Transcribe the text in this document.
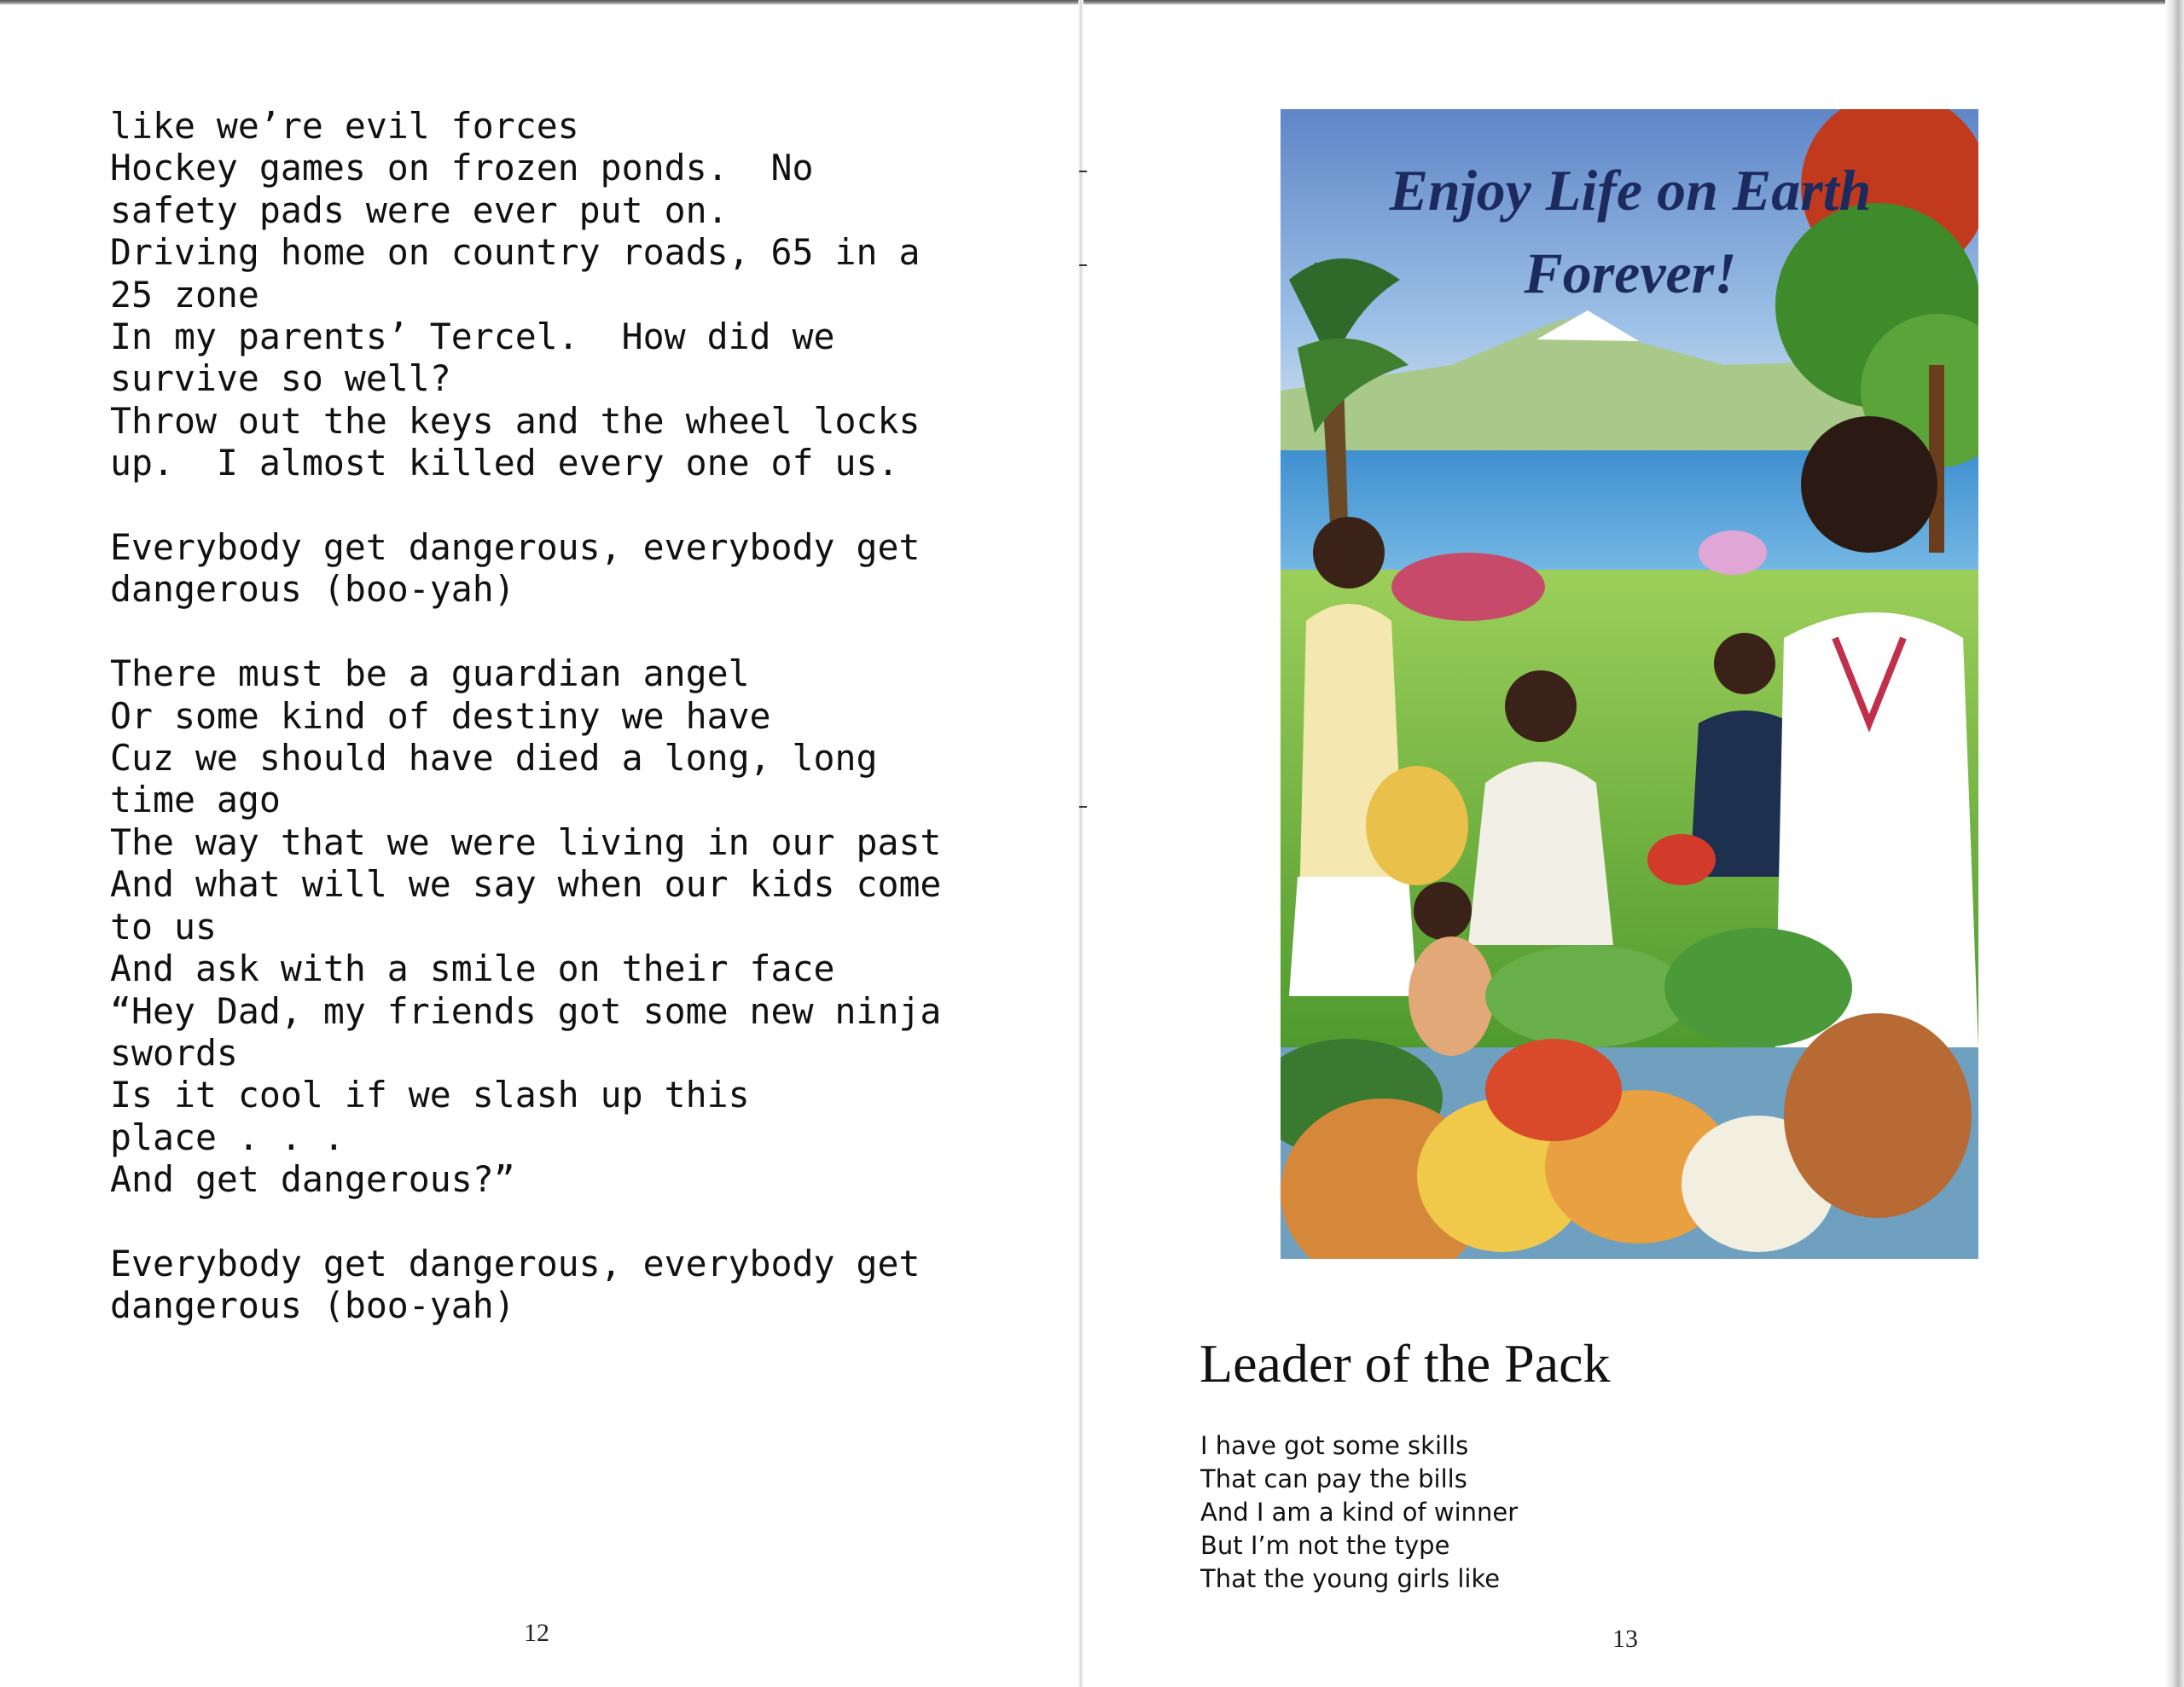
like we’re evil forces
Hockey games on frozen ponds.  No
safety pads were ever put on.
Driving home on country roads, 65 in a
25 zone
In my parents’ Tercel.  How did we
survive so well?
Throw out the keys and the wheel locks
up.  I almost killed every one of us.
Everybody get dangerous, everybody get
dangerous (boo-yah)
There must be a guardian angel
Or some kind of destiny we have
Cuz we should have died a long, long
time ago
The way that we were living in our past
And what will we say when our kids come
to us
And ask with a smile on their face
“Hey Dad, my friends got some new ninja
swords
Is it cool if we slash up this
place . . .
And get dangerous?”
Everybody get dangerous, everybody get
dangerous (boo-yah)
12
Enjoy Life on Earth
Forever!
Leader of the Pack
I have got some skills
That can pay the bills
And I am a kind of winner
But I’m not the type
That the young girls like
13
